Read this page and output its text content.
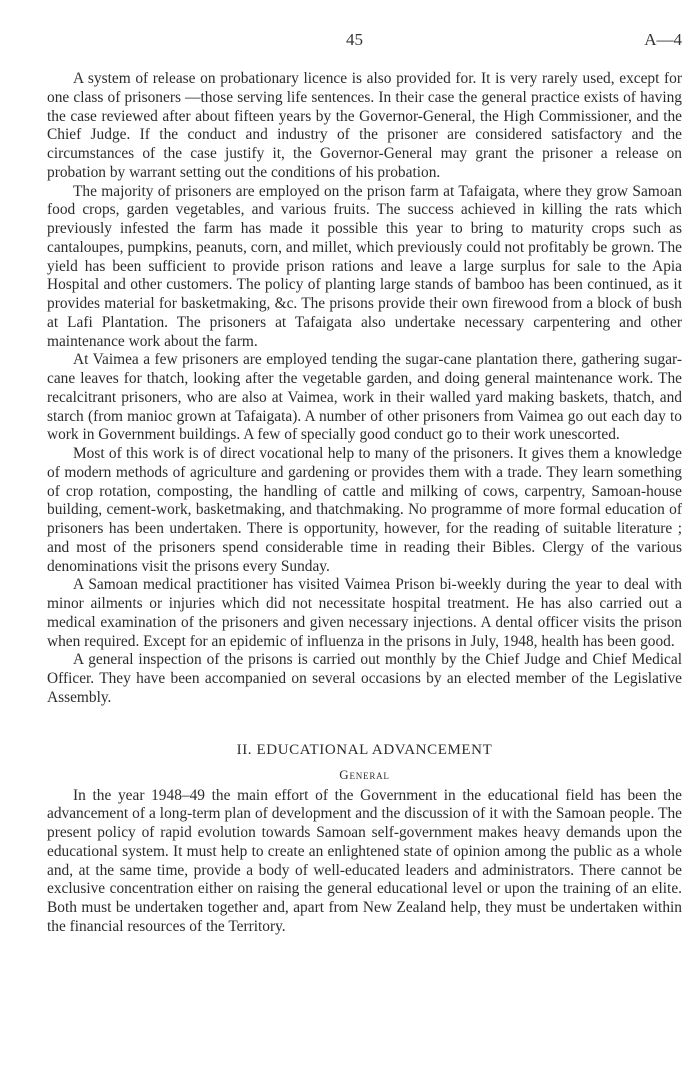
45	A—4

A system of release on probationary licence is also provided for. It is very rarely used, except for one class of prisoners —those serving life sentences. In their case the general practice exists of having the case reviewed after about fifteen years by the Governor-General, the High Commissioner, and the Chief Judge. If the conduct and industry of the prisoner are considered satisfactory and the circumstances of the case justify it, the Governor-General may grant the prisoner a release on probation by warrant setting out the conditions of his probation.

The majority of prisoners are employed on the prison farm at Tafaigata, where they grow Samoan food crops, garden vegetables, and various fruits. The success achieved in killing the rats which previously infested the farm has made it possible this year to bring to maturity crops such as cantaloupes, pumpkins, peanuts, corn, and millet, which previously could not profitably be grown. The yield has been sufficient to provide prison rations and leave a large surplus for sale to the Apia Hospital and other customers. The policy of planting large stands of bamboo has been continued, as it provides material for basketmaking, &c. The prisons provide their own firewood from a block of bush at Lafi Plantation. The prisoners at Tafaigata also undertake necessary carpentering and other maintenance work about the farm.

At Vaimea a few prisoners are employed tending the sugar-cane plantation there, gathering sugar-cane leaves for thatch, looking after the vegetable garden, and doing general maintenance work. The recalcitrant prisoners, who are also at Vaimea, work in their walled yard making baskets, thatch, and starch (from manioc grown at Tafaigata). A number of other prisoners from Vaimea go out each day to work in Government buildings. A few of specially good conduct go to their work unescorted.

Most of this work is of direct vocational help to many of the prisoners. It gives them a knowledge of modern methods of agriculture and gardening or provides them with a trade. They learn something of crop rotation, composting, the handling of cattle and milking of cows, carpentry, Samoan-house building, cement-work, basketmaking, and thatchmaking. No programme of more formal education of prisoners has been undertaken. There is opportunity, however, for the reading of suitable literature ; and most of the prisoners spend considerable time in reading their Bibles. Clergy of the various denominations visit the prisons every Sunday.

A Samoan medical practitioner has visited Vaimea Prison bi-weekly during the year to deal with minor ailments or injuries which did not necessitate hospital treatment. He has also carried out a medical examination of the prisoners and given necessary injections. A dental officer visits the prison when required. Except for an epidemic of influenza in the prisons in July, 1948, health has been good.

A general inspection of the prisons is carried out monthly by the Chief Judge and Chief Medical Officer. They have been accompanied on several occasions by an elected member of the Legislative Assembly.

II. EDUCATIONAL ADVANCEMENT
General

In the year 1948–49 the main effort of the Government in the educational field has been the advancement of a long-term plan of development and the discussion of it with the Samoan people. The present policy of rapid evolution towards Samoan self-government makes heavy demands upon the educational system. It must help to create an enlightened state of opinion among the public as a whole and, at the same time, provide a body of well-educated leaders and administrators. There cannot be exclusive concentration either on raising the general educational level or upon the training of an elite. Both must be undertaken together and, apart from New Zealand help, they must be undertaken within the financial resources of the Territory.
